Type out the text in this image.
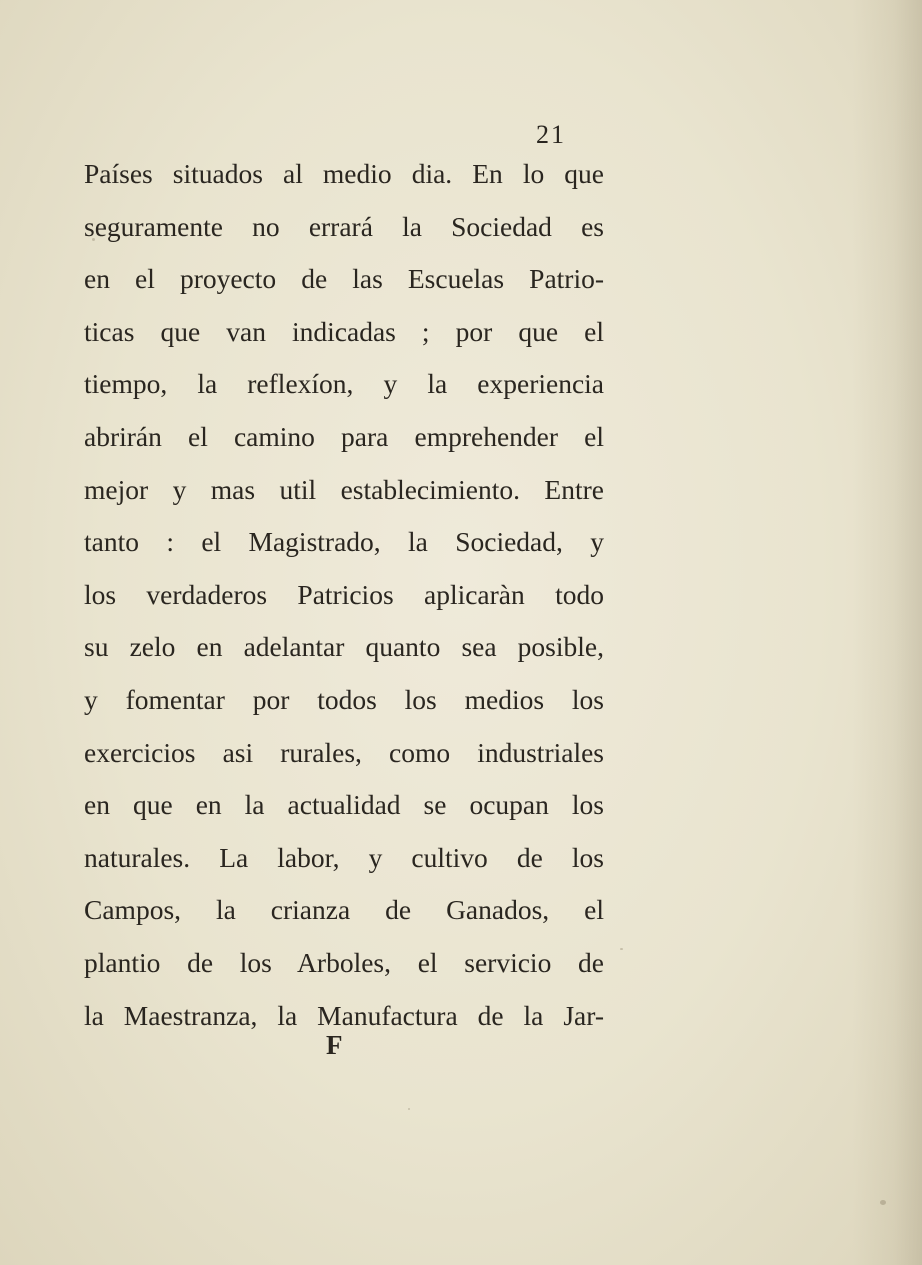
21
Países situados al medio dia. En lo que
seguramente no errará la Sociedad es
en el proyecto de las Escuelas Patrio-
ticas que van indicadas ; por que el
tiempo, la reflexíon, y la experiencia
abrirán el camino para emprehender el
mejor y mas util establecimiento. Entre
tanto : el Magistrado, la Sociedad, y
los verdaderos Patricios aplicaràn todo
su zelo en adelantar quanto sea posible,
y fomentar por todos los medios los
exercicios asi rurales, como industriales
en que en la actualidad se ocupan los
naturales. La labor, y cultivo de los
Campos, la crianza de Ganados, el
plantio de los Arboles, el servicio de
la Maestranza, la Manufactura de la Jar-
F
